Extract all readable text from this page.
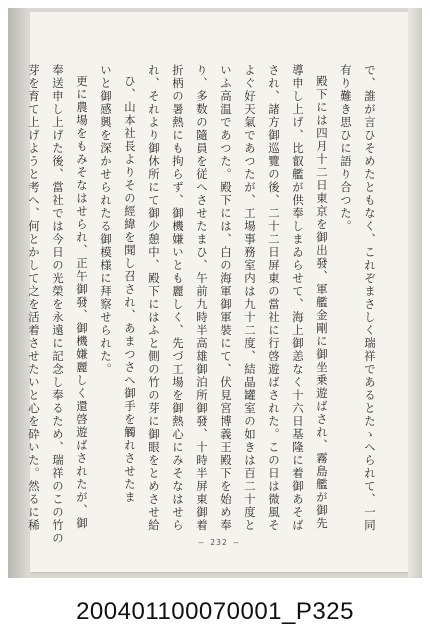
で、誰が言ひそめたともなく、これぞまさしく瑞祥であるとたゝへられて、一同
有り難き思ひに語り合つた。
殿下には四月十二日東京を御出發、軍艦金剛に御坐乗遊ばされ、霧島艦が御先
導申し上げ、比叡艦が供奉しまゐらせて、海上御恙なく十六日基隆に着御あそば
され、諸方御巡覽の後、二十二日屏東の當社に行啓遊ばされた。この日は微風そ
よぐ好天氣であつたが、工場事務室内は九十二度、結晶罐室の如きは百二十度と
いふ高温であつた。殿下には、白の海軍御軍裝にて、伏見宮博義王殿下を始め奉
り、多数の隨員を従へさせたまひ、午前九時半高雄御泊所御發、十時半屏東御着
折柄の暑熱にも拘らず、御機嫌いとも麗しく、先づ工場を御熱心にみそなはせら
れ、それより御休所にて御少憩中、殿下にはふと側の竹の芽に御眼をとめさせ給
ひ、山本社長よりその經緯を聞し召され、あまつさへ御手を觸れさせたま
いと御感興を深かせられたる御模様に拜察せられた。
更に農場をもみそなはせられ、正午御發、御機嫌麗しく還啓遊ばされたが、御
奉送申し上げた後、當社では今日の光榮を永遠に記念し奉るため、瑞祥のこの竹の
芽を育て上げようと考へ、何とかして之を活着させたいと心を砕いた。然るに稀
— 232 —
200401100070001_P325
